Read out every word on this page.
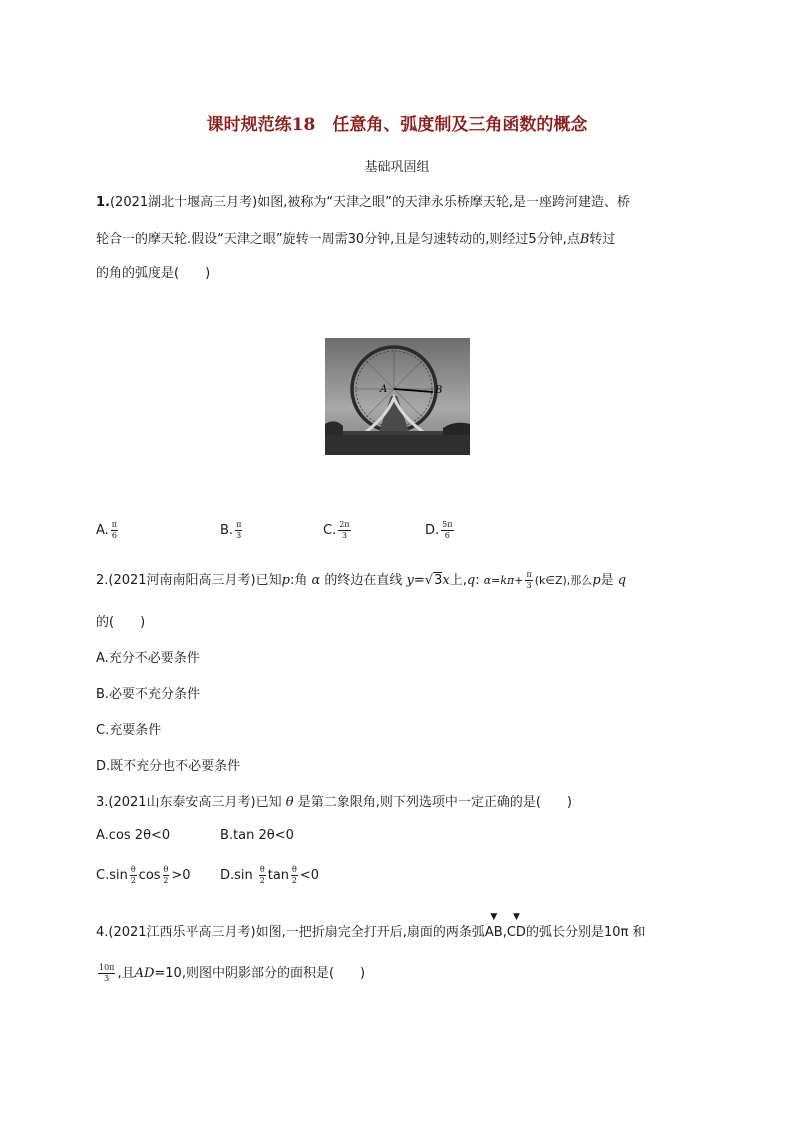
课时规范练18　任意角、弧度制及三角函数的概念
基础巩固组
1.(2021湖北十堰高三月考)如图,被称为“天津之眼”的天津永乐桥摩天轮,是一座跨河建造、桥
轮合一的摩天轮.假设“天津之眼”旋转一周需30分钟,且是匀速转动的,则经过5分钟,点B转过
的角的弧度是(　　)
A	B
A. $\frac{\pi}{6}$	B. $\frac{\pi}{3}$	C. $\frac{2\pi}{3}$	D. $\frac{5\pi}{6}$
2.(2021河南南阳高三月考)已知p:角 α 的终边在直线 y=√3x上,q: $\alpha=k\pi+ \frac{\pi}{3}$ (k∈Z),那么p是 q
的(　　)
A.充分不必要条件
B.必要不充分条件
C.充要条件
D.既不充分也不必要条件
3.(2021山东泰安高三月考)已知 θ 是第二象限角,则下列选项中一定正确的是(　　)
A.cos 2θ<0	B.tan 2θ<0
$C.\sin \frac{\theta}{2}$ $\cos \frac{\theta}{2} >0$ $D.\sin \frac{\theta}{2}$ $\tan \frac{\theta}{2} <0$
4.(2021江西乐平高三月考)如图,一把折扇完全打开后,扇面的两条弧
▼
AB,
▼
CD的弧长分别是10π 和
$\frac{10\pi}{3}$ ,且AD=10,则图中阴影部分的面积是(　　)
